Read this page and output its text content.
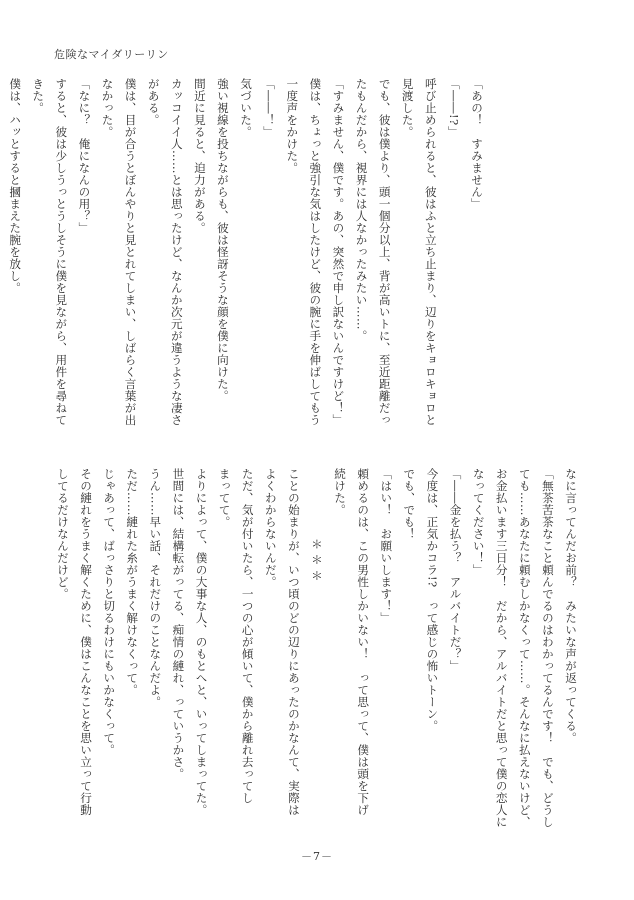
危険なマイダリーリン

「あの！　すみません」

「――!?」

呼び止められると、彼はふと立ち止まり、辺りをキョロキョロと

見渡した。

でも、彼は僕より、頭一個分以上、背が高いトに、至近距離だっ

たもんだから、視界には人なかったみたい……。

「すみません、僕です。あの、突然で申し訳ないんですけど！」

僕は、ちょっと強引な気はしたけど、彼の腕に手を伸ばしてもう

一度声をかけた。

「――！」

気づいた。

強い視線を投ちながらも、彼は怪訝そうな顔を僕に向けた。

間近に見ると、迫力がある。

カッコイイ人……とは思ったけど、なんか次元が違うような凄さ

がある。

僕は、目が合うとぼんやりと見とれてしまい、しばらく言葉が出

なかった。

「なに？　俺になんの用？」

すると、彼は少しうっとうしそうに僕を見ながら、用件を尋ねて

きた。

僕は、ハッとすると摑まえた腕を放し。

なに言ってんだお前？　みたいな声が返ってくる。

「無茶苦茶なこと頼んでるのはわかってるんです！　でも、どうし

ても……あなたに頼むしかなくって……。そんなに払えないけど、

お金払います三日分！　だから、アルバイトだと思って僕の恋人に

なってください！」

「――金を払う？　アルバイトだ？」

今度は、正気かコラ!?　って感じの怖いトーン。

でも、でも！

「はい！　お願いします！」

頼めるのは、この男性しかいない！　って思って、僕は頭を下げ

続けた。

＊＊＊

ことの始まりが、いつ頃のどの辺りにあったのかなんて、実際は

よくわからないんだ。

ただ、気が付いたら、一つの心が傾いて、僕から離れ去ってし

まってて。

よりによって、僕の大事な人、のもとへと、いってしまってた。

世間には、結構転がってる、痴情の縺れ、っていうかさ。

うん……早い話、それだけのことなんだよ。

ただ……縺れた糸がうまく解けなくって。

じゃあって、ばっさりと切るわけにもいかなくって。

その縺れをうまく解くために、僕はこんなことを思い立って行動

してるだけなんだけど。

－7－
